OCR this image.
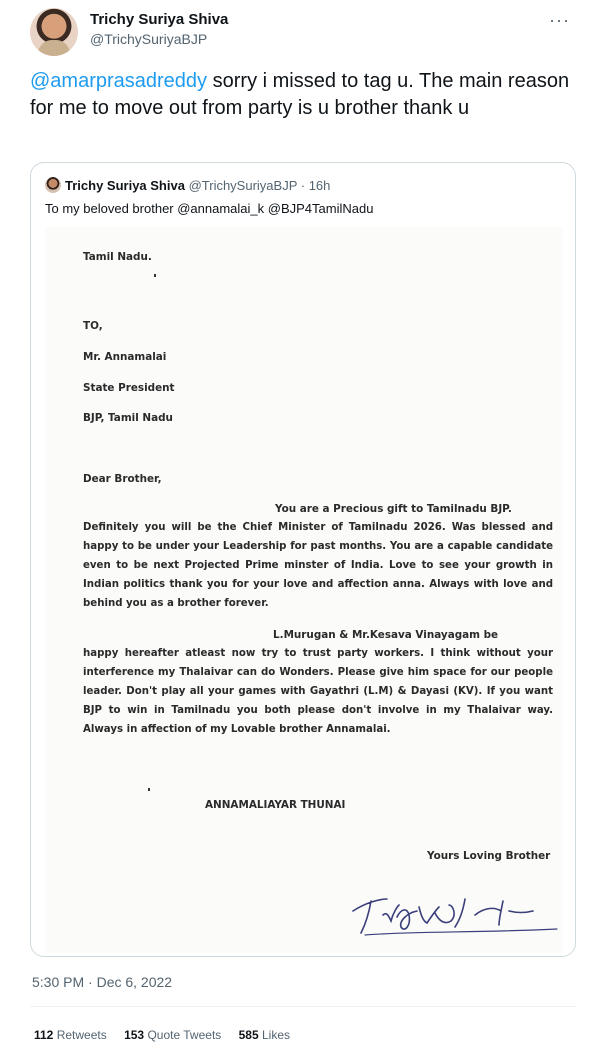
Trichy Suriya Shiva
@TrichySuriyaBJP
···
@amarprasadreddy sorry i missed to tag u. The main reason for me to move out from party is u brother thank u
Trichy Suriya Shiva @TrichySuriyaBJP · 16h
To my beloved brother @annamalai_k @BJP4TamilNadu
Tamil Nadu.
TO,
Mr. Annamalai
State President
BJP, Tamil Nadu
Dear Brother,
You are a Precious gift to Tamilnadu BJP.
Definitely you will be the Chief Minister of Tamilnadu 2026. Was blessed and happy to be under your Leadership for past months. You are a capable candidate even to be next Projected Prime minster of India. Love to see your growth in Indian politics thank you for your love and affection anna. Always with love and behind you as a brother forever.
L.Murugan & Mr.Kesava Vinayagam be
happy hereafter atleast now try to trust party workers. I think without your interference my Thalaivar can do Wonders. Please give him space for our people leader. Don't play all your games with Gayathri (L.M) & Dayasi (KV). If you want BJP to win in Tamilnadu you both please don't involve in my Thalaivar way. Always in affection of my Lovable brother Annamalai.
ANNAMALIAYAR THUNAI
Yours Loving Brother
5:30 PM · Dec 6, 2022
112 Retweets 153 Quote Tweets 585 Likes
